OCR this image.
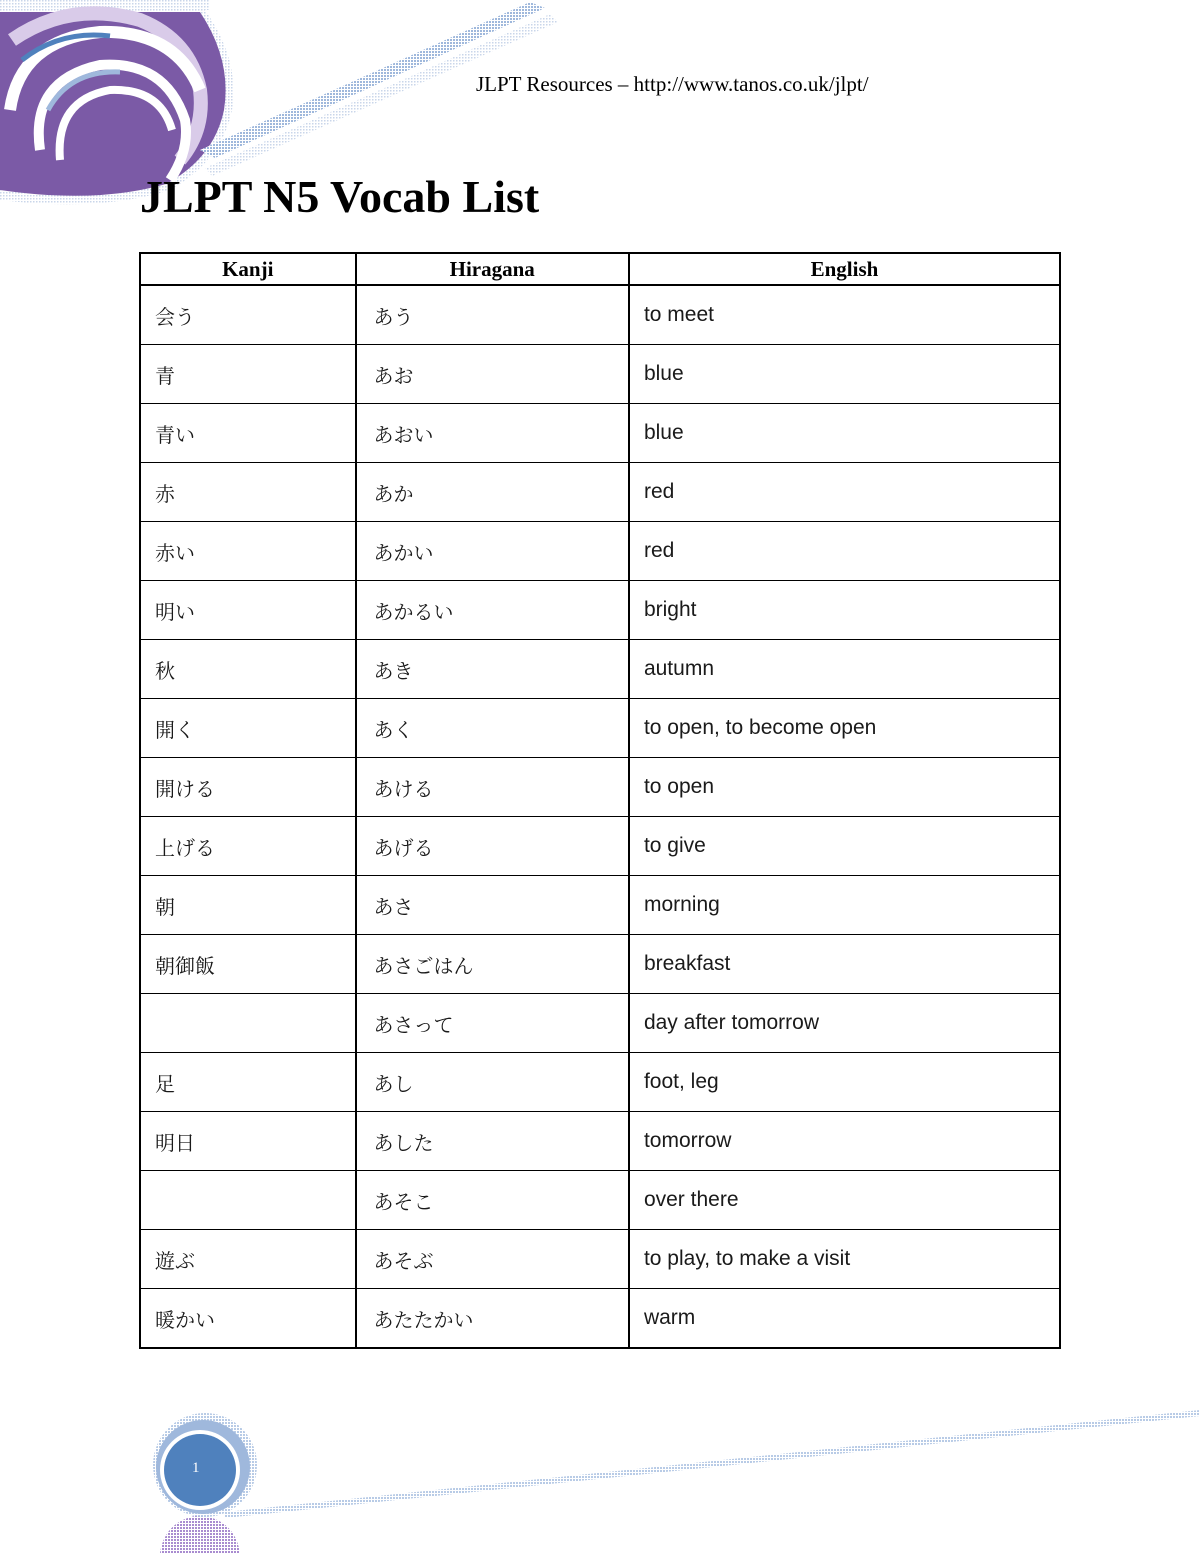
JLPT Resources – http://www.tanos.co.uk/jlpt/
JLPT N5 Vocab List
Kanji	Hiragana	English
会う	あう	to meet
青	あお	blue
青い	あおい	blue
赤	あか	red
赤い	あかい	red
明い	あかるい	bright
秋	あき	autumn
開く	あく	to open, to become open
開ける	あける	to open
上げる	あげる	to give
朝	あさ	morning
朝御飯	あさごはん	breakfast
	あさって	day after tomorrow
足	あし	foot, leg
明日	あした	tomorrow
	あそこ	over there
遊ぶ	あそぶ	to play, to make a visit
暖かい	あたたかい	warm
1
